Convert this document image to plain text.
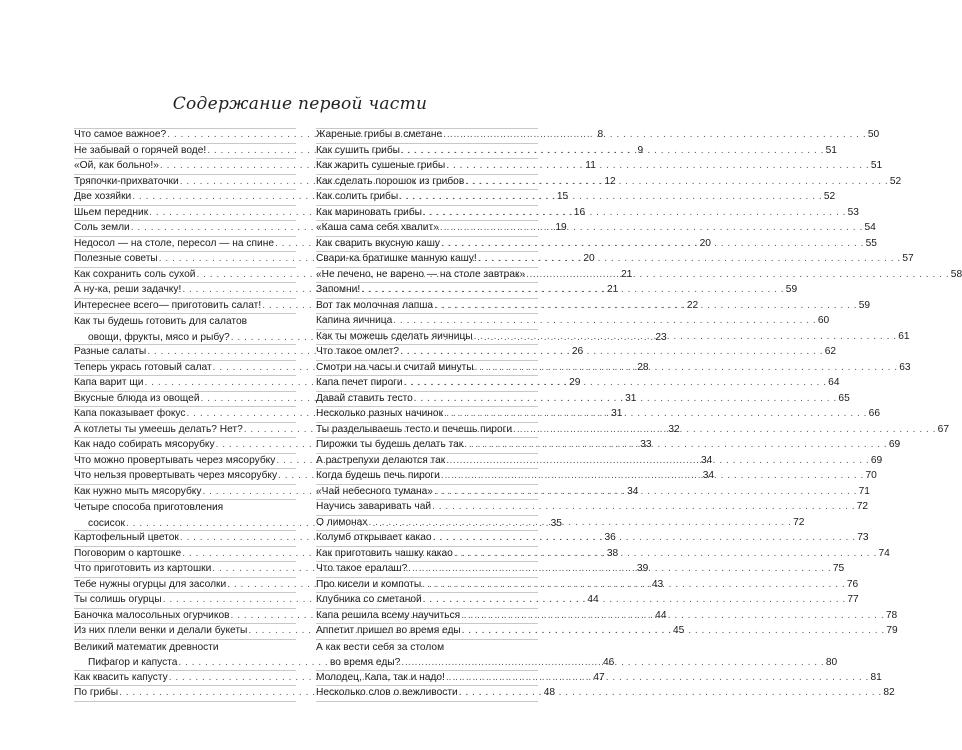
Содержание первой части
Что самое важное? . . .	8
Не забывай о горячей воде! . . .	9
«Ой, как больно!» . . .	11
Тряпочки-прихваточки . . .	12
Две хозяйки . . .	15
Шьем передник . . .	16
Соль земли . . .	19
Недосол — на столе, пересол — на спине . . .	20
Полезные советы . . .	20
Как сохранить соль сухой . . .	21
А ну-ка, реши задачку! . . .	21
Интереснее всего— приготовить салат! . . .	22
Как ты будешь готовить для салатов
овощи, фрукты, мясо и рыбу? . . .	23
Разные салаты . . .	26
Теперь укрась готовый салат . . .	28
Капа варит щи . . .	29
Вкусные блюда из овощей . . .	31
Капа показывает фокус . . .	31
А котлеты ты умеешь делать? Нет? . . .	32
Как надо собирать мясорубку . . .	33
Что можно провертывать через мясорубку . . .	34
Что нельзя провертывать через мясорубку . . .	34
Как нужно мыть мясорубку . . .	34
Четыре способа приготовления
сосисок . . .	35
Картофельный цветок . . .	36
Поговорим о картошке . . .	38
Что приготовить из картошки . . .	39
Тебе нужны огурцы для засолки . . .	43
Ты солишь огурцы . . .	44
Баночка малосольных огурчиков . . .	44
Из них плели венки и делали букеты . . .	45
Великий математик древности
Пифагор и капуста . . .	46
Как квасить капусту . . .	47
По грибы . . .	48
Жареные грибы в сметане . . .	50
Как сушить грибы . . .	51
Как жарить сушеные грибы . . .	51
Как сделать порошок из грибов . . .	52
Как солить грибы . . .	52
Как мариновать грибы . . .	53
«Каша сама себя хвалит» . . .	54
Как сварить вкусную кашу . . .	55
Свари-ка братишке манную кашу! . . .	57
«Не печено, не варено — на столе завтрак» . . .	58
Запомни! . . .	59
Вот так молочная лапша . . .	59
Капина яичница . . .	60
Как ты можешь сделать яичницы . . .	61
Что такое омлет? . . .	62
Смотри на часы и считай минуты . . .	63
Капа печет пироги . . .	64
Давай ставить тесто . . .	65
Несколько разных начинок . . .	66
Ты разделываешь тесто и печешь пироги . . .	67
Пирожки ты будешь делать так . . .	69
А растрепухи делаются так . . .	69
Когда будешь печь пироги . . .	70
«Чай небесного тумана» . . .	71
Научись заваривать чай . . .	72
О лимонах . . .	72
Колумб открывает какао . . .	73
Как приготовить чашку какао . . .	74
Что такое ералаш? . . .	75
Про кисели и компоты . . .	76
Клубника со сметаной . . .	77
Капа решила всему научиться . . .	78
Аппетит пришел во время еды . . .	79
А как вести себя за столом
во время еды? . . .	80
Молодец, Капа, так и надо! . . .	81
Несколько слов о вежливости . . .	82
